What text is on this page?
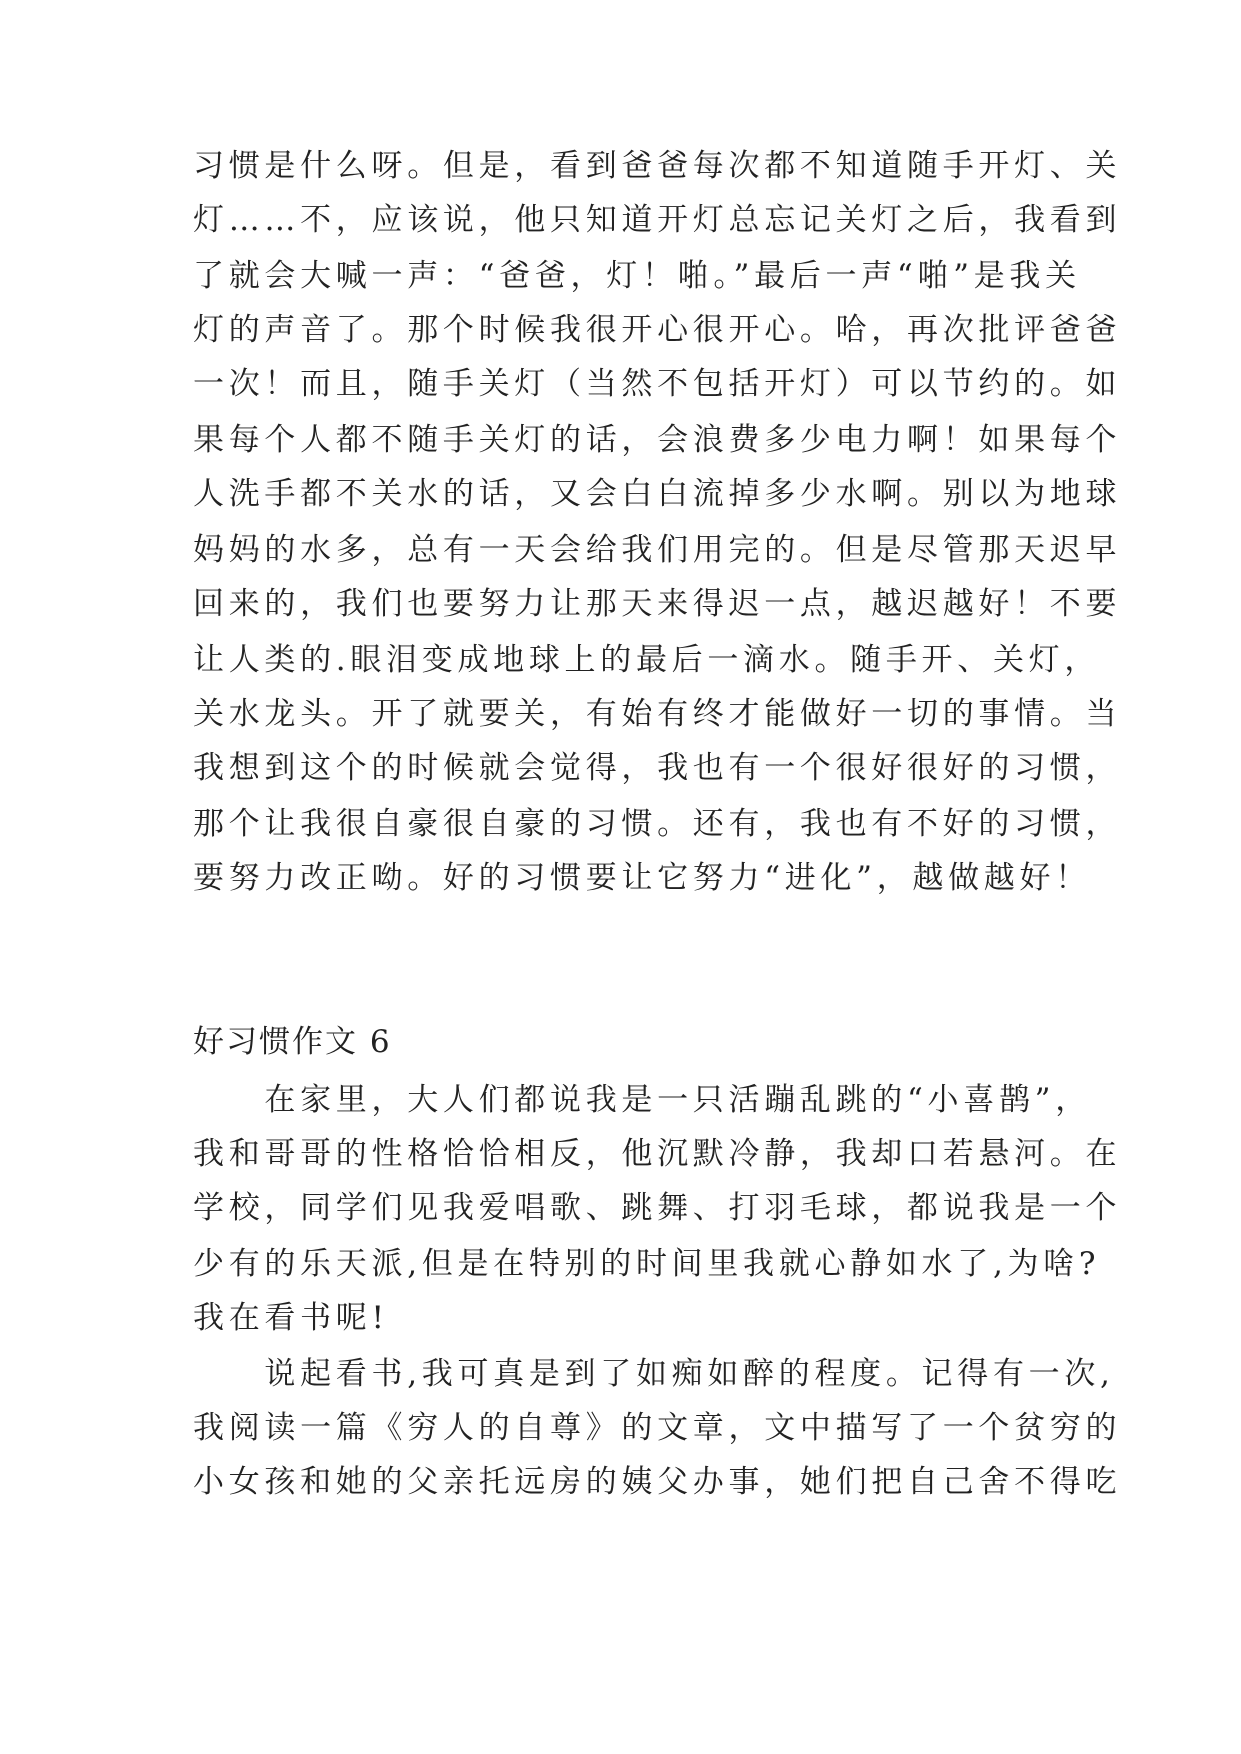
习惯是什么呀。但是，看到爸爸每次都不知道随手开灯、关
灯……不，应该说，他只知道开灯总忘记关灯之后，我看到
了就会大喊一声：“爸爸，灯！啪。”最后一声“啪”是我关
灯的声音了。那个时候我很开心很开心。哈，再次批评爸爸
一次！而且，随手关灯（当然不包括开灯）可以节约的。如
果每个人都不随手关灯的话，会浪费多少电力啊！如果每个
人洗手都不关水的话，又会白白流掉多少水啊。别以为地球
妈妈的水多，总有一天会给我们用完的。但是尽管那天迟早
回来的，我们也要努力让那天来得迟一点，越迟越好！不要
让人类的.眼泪变成地球上的最后一滴水。随手开、关灯，
关水龙头。开了就要关，有始有终才能做好一切的事情。当
我想到这个的时候就会觉得，我也有一个很好很好的习惯，
那个让我很自豪很自豪的习惯。还有，我也有不好的习惯，
要努力改正呦。好的习惯要让它努力“进化”，越做越好！
好习惯作文 6
　　在家里，大人们都说我是一只活蹦乱跳的“小喜鹊”，
我和哥哥的性格恰恰相反，他沉默冷静，我却口若悬河。在
学校，同学们见我爱唱歌、跳舞、打羽毛球，都说我是一个
少有的乐天派,但是在特别的时间里我就心静如水了,为啥?
我在看书呢!
　　说起看书,我可真是到了如痴如醉的程度。记得有一次,
我阅读一篇《穷人的自尊》的文章，文中描写了一个贫穷的
小女孩和她的父亲托远房的姨父办事，她们把自己舍不得吃
